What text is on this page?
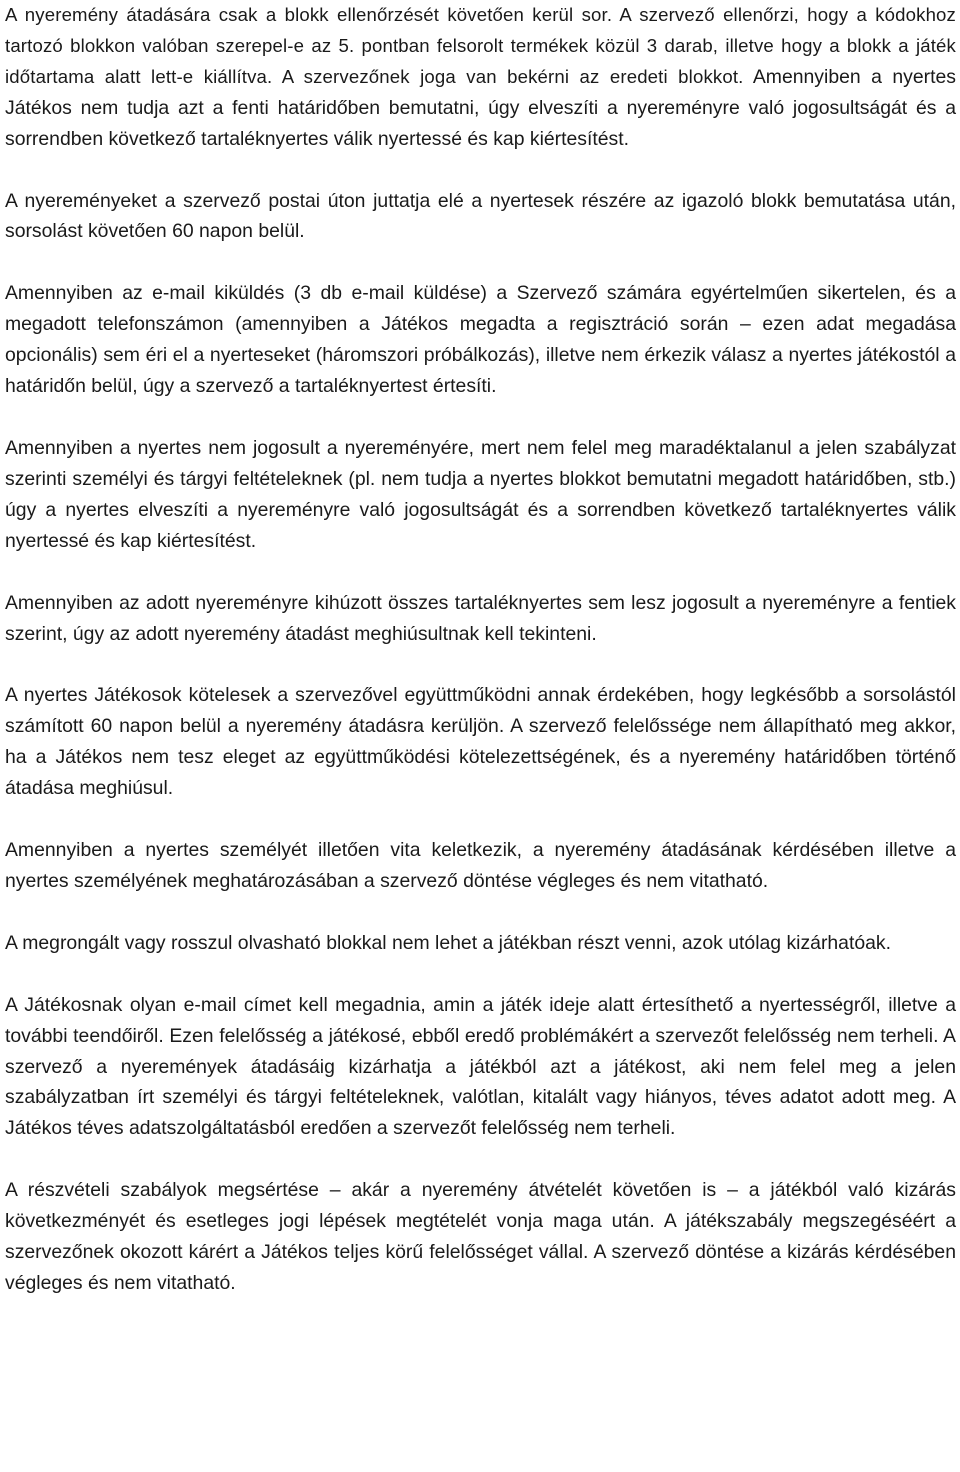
A nyeremény átadására csak a blokk ellenőrzését követően kerül sor. A szervező ellenőrzi, hogy a kódokhoz tartozó blokkon valóban szerepel-e az 5. pontban felsorolt termékek közül 3 darab, illetve hogy a blokk a játék időtartama alatt lett-e kiállítva. A szervezőnek joga van bekérni az eredeti blokkot. Amennyiben a nyertes Játékos nem tudja azt a fenti határidőben bemutatni, úgy elveszíti a nyereményre való jogosultságát és a sorrendben következő tartaléknyertes válik nyertessé és kap kiértesítést.

A nyereményeket a szervező postai úton juttatja elé a nyertesek részére az igazoló blokk bemutatása után, sorsolást követően 60 napon belül.

Amennyiben az e-mail kiküldés (3 db e-mail küldése) a Szervező számára egyértelműen sikertelen, és a megadott telefonszámon (amennyiben a Játékos megadta a regisztráció során – ezen adat megadása opcionális) sem éri el a nyerteseket (háromszori próbálkozás), illetve nem érkezik válasz a nyertes játékostól a határidőn belül, úgy a szervező a tartaléknyertest értesíti.

Amennyiben a nyertes nem jogosult a nyereményére, mert nem felel meg maradéktalanul a jelen szabályzat szerinti személyi és tárgyi feltételeknek (pl. nem tudja a nyertes blokkot bemutatni megadott határidőben, stb.) úgy a nyertes elveszíti a nyereményre való jogosultságát és a sorrendben következő tartaléknyertes válik nyertessé és kap kiértesítést.

Amennyiben az adott nyereményre kihúzott összes tartaléknyertes sem lesz jogosult a nyereményre a fentiek szerint, úgy az adott nyeremény átadást meghiúsultnak kell tekinteni.

A nyertes Játékosok kötelesek a szervezővel együttműködni annak érdekében, hogy legkésőbb a sorsolástól számított 60 napon belül a nyeremény átadásra kerüljön. A szervező felelőssége nem állapítható meg akkor, ha a Játékos nem tesz eleget az együttműködési kötelezettségének, és a nyeremény határidőben történő átadása meghiúsul.

Amennyiben a nyertes személyét illetően vita keletkezik, a nyeremény átadásának kérdésében illetve a nyertes személyének meghatározásában a szervező döntése végleges és nem vitatható.

A megrongált vagy rosszul olvasható blokkal nem lehet a játékban részt venni, azok utólag kizárhatóak.

A Játékosnak olyan e-mail címet kell megadnia, amin a játék ideje alatt értesíthető a nyertességről, illetve a további teendőiről. Ezen felelősség a játékosé, ebből eredő problémákért a szervezőt felelősség nem terheli. A szervező a nyeremények átadásáig kizárhatja a játékból azt a játékost, aki nem felel meg a jelen szabályzatban írt személyi és tárgyi feltételeknek, valótlan, kitalált vagy hiányos, téves adatot adott meg. A Játékos téves adatszolgáltatásból eredően a szervezőt felelősség nem terheli.

A részvételi szabályok megsértése – akár a nyeremény átvételét követően is – a játékból való kizárás következményét és esetleges jogi lépések megtételét vonja maga után. A játékszabály megszegéséért a szervezőnek okozott kárért a Játékos teljes körű felelősséget vállal. A szervező döntése a kizárás kérdésében végleges és nem vitatható.
